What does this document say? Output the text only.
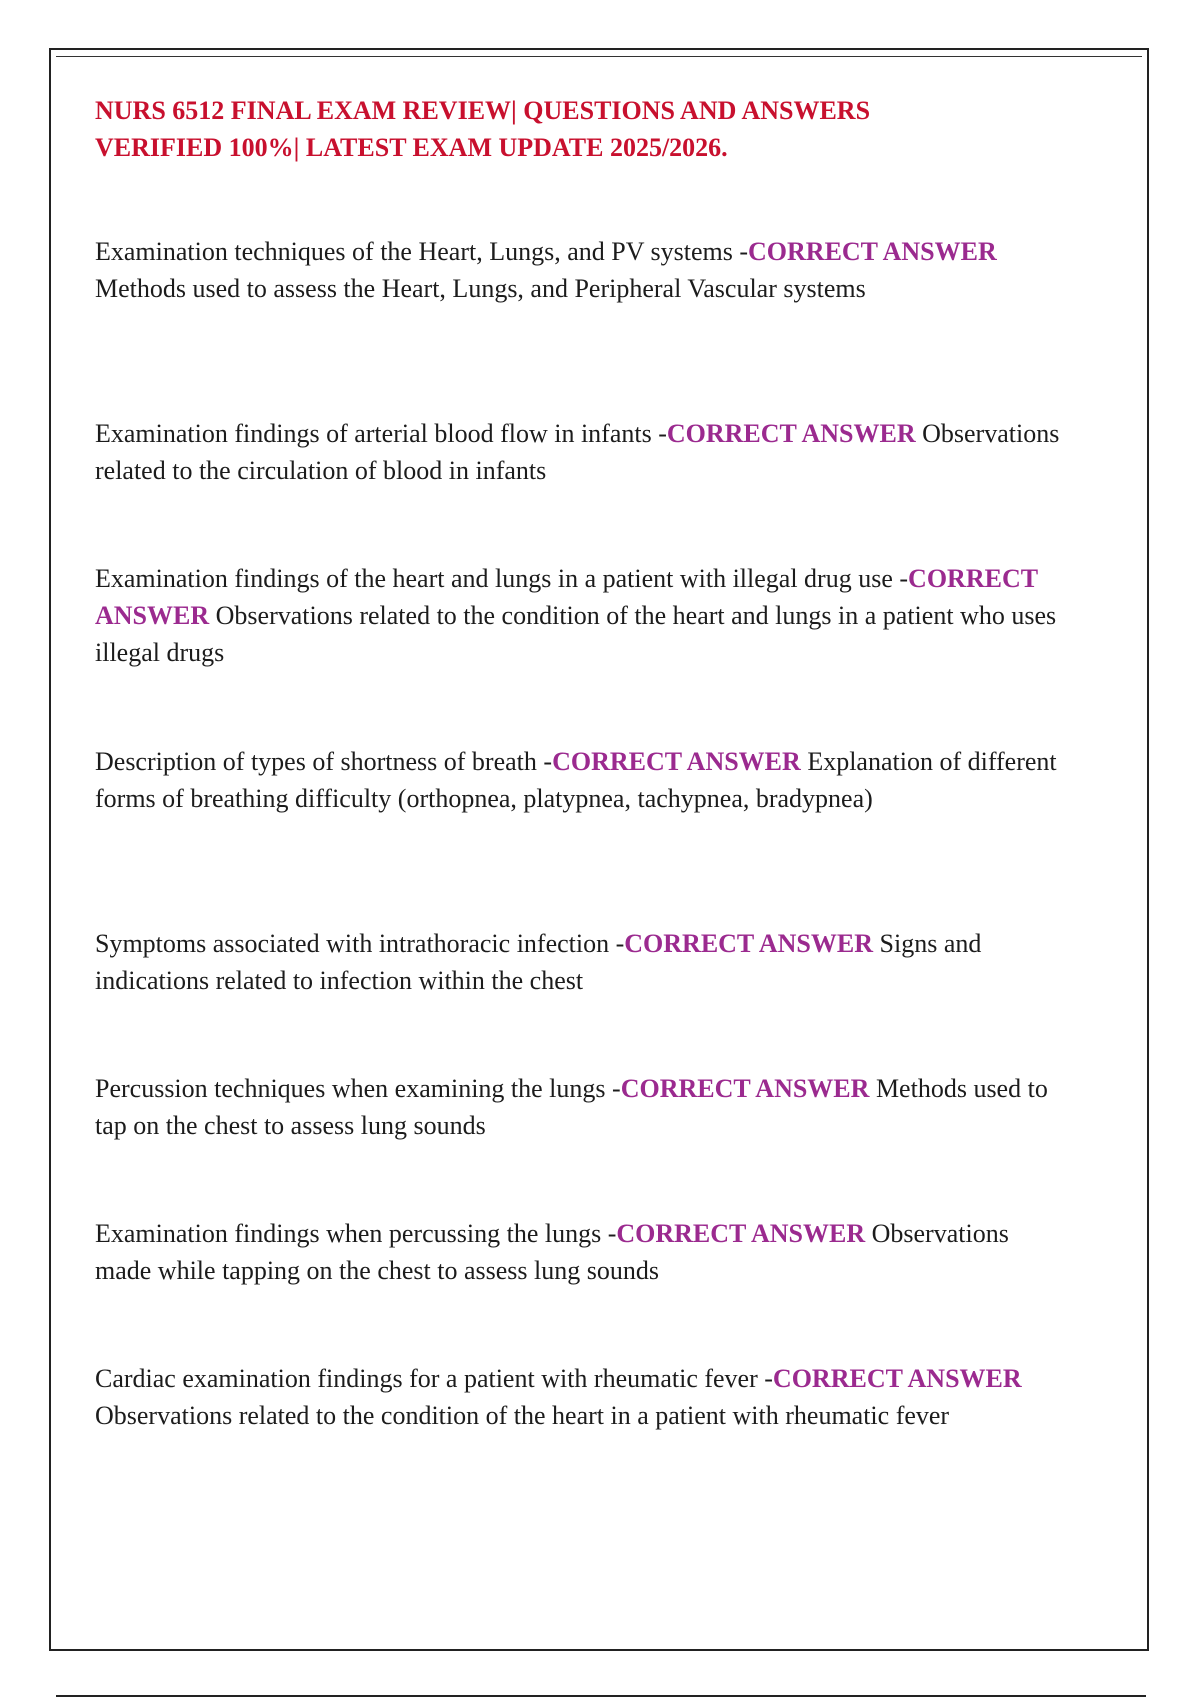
NURS 6512 FINAL EXAM REVIEW| QUESTIONS AND ANSWERS VERIFIED 100%| LATEST EXAM UPDATE 2025/2026.
Examination techniques of the Heart, Lungs, and PV systems -CORRECT ANSWER Methods used to assess the Heart, Lungs, and Peripheral Vascular systems
Examination findings of arterial blood flow in infants -CORRECT ANSWER Observations related to the circulation of blood in infants
Examination findings of the heart and lungs in a patient with illegal drug use -CORRECT ANSWER Observations related to the condition of the heart and lungs in a patient who uses illegal drugs
Description of types of shortness of breath -CORRECT ANSWER Explanation of different forms of breathing difficulty (orthopnea, platypnea, tachypnea, bradypnea)
Symptoms associated with intrathoracic infection -CORRECT ANSWER Signs and indications related to infection within the chest
Percussion techniques when examining the lungs -CORRECT ANSWER Methods used to tap on the chest to assess lung sounds
Examination findings when percussing the lungs -CORRECT ANSWER Observations made while tapping on the chest to assess lung sounds
Cardiac examination findings for a patient with rheumatic fever -CORRECT ANSWER Observations related to the condition of the heart in a patient with rheumatic fever
